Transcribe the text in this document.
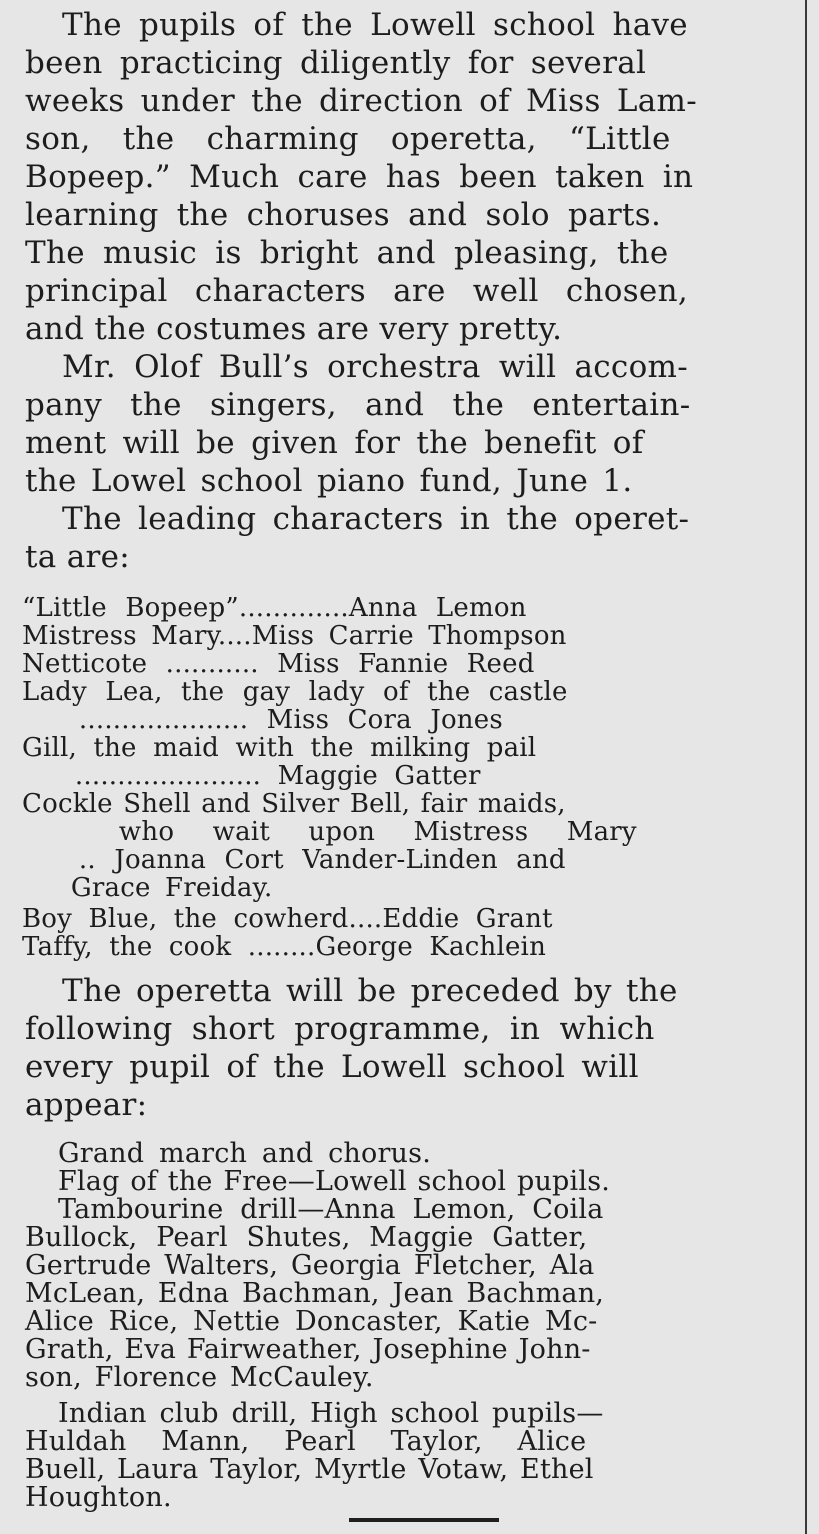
The pupils of the Lowell school have
been practicing diligently for several
weeks under the direction of Miss Lam-
son, the charming operetta, “Little
Bopeep.” Much care has been taken in
learning the choruses and solo parts.
The music is bright and pleasing, the
principal characters are well chosen,
and the costumes are very pretty.
Mr. Olof Bull’s orchestra will accom-
pany the singers, and the entertain-
ment will be given for the benefit of
the Lowel school piano fund, June 1.
The leading characters in the operet-
ta are:
“Little Bopeep”.............Anna Lemon
Mistress Mary....Miss Carrie Thompson
Netticote ........... Miss Fannie Reed
Lady Lea, the gay lady of the castle
.................... Miss Cora Jones
Gill, the maid with the milking pail
...................... Maggie Gatter
Cockle Shell and Silver Bell, fair maids,
who wait upon Mistress Mary
.. Joanna Cort Vander-Linden and
Grace Freiday.
Boy Blue, the cowherd....Eddie Grant
Taffy, the cook ........George Kachlein
The operetta will be preceded by the
following short programme, in which
every pupil of the Lowell school will
appear:
Grand march and chorus.
Flag of the Free—Lowell school pupils.
Tambourine drill—Anna Lemon, Coila
Bullock, Pearl Shutes, Maggie Gatter,
Gertrude Walters, Georgia Fletcher, Ala
McLean, Edna Bachman, Jean Bachman,
Alice Rice, Nettie Doncaster, Katie Mc-
Grath, Eva Fairweather, Josephine John-
son, Florence McCauley.
Indian club drill, High school pupils—
Huldah Mann, Pearl Taylor, Alice
Buell, Laura Taylor, Myrtle Votaw, Ethel
Houghton.
